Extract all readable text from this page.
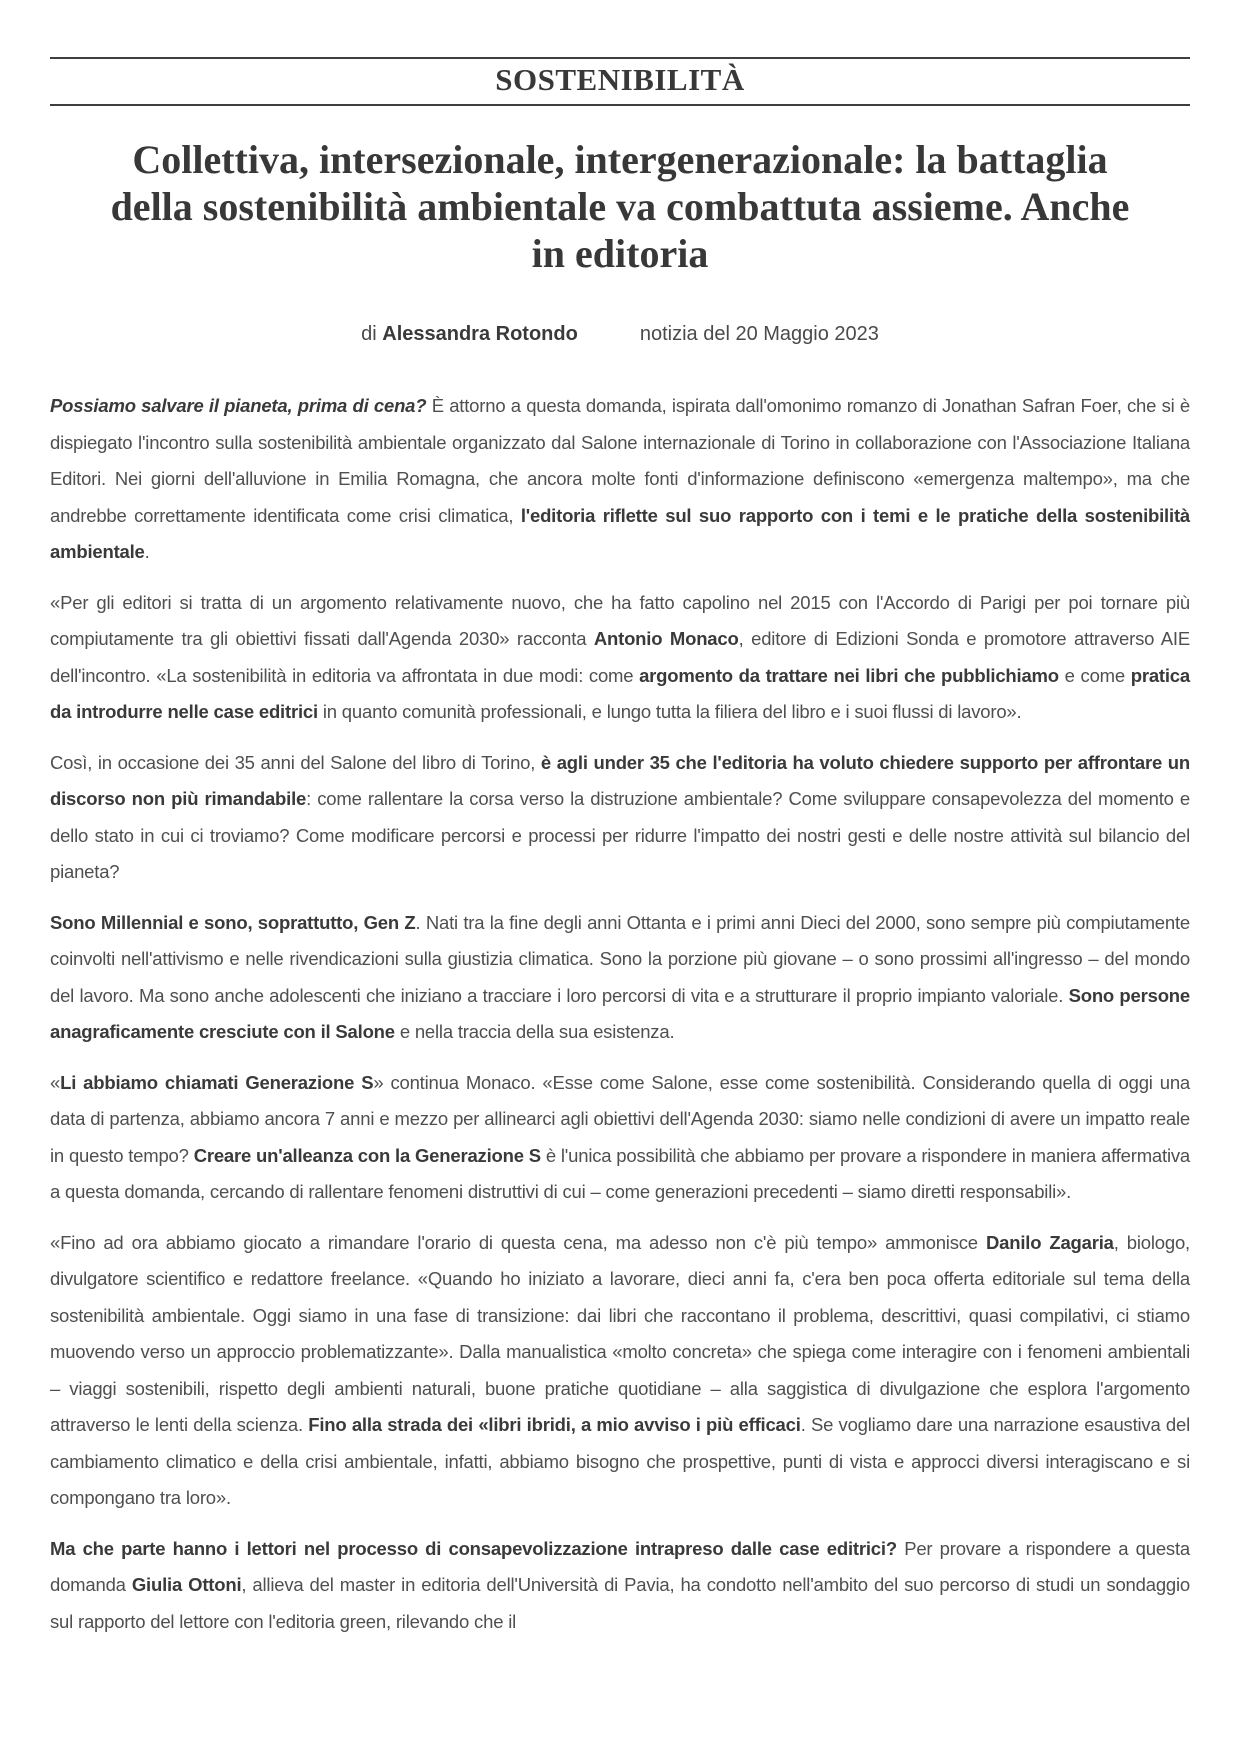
SOSTENIBILITÀ
Collettiva, intersezionale, intergenerazionale: la battaglia della sostenibilità ambientale va combattuta assieme. Anche in editoria
di Alessandra Rotondo	notizia del 20 Maggio 2023

Possiamo salvare il pianeta, prima di cena? È attorno a questa domanda, ispirata dall'omonimo romanzo di Jonathan Safran Foer, che si è dispiegato l'incontro sulla sostenibilità ambientale organizzato dal Salone internazionale di Torino in collaborazione con l'Associazione Italiana Editori. Nei giorni dell'alluvione in Emilia Romagna, che ancora molte fonti d'informazione definiscono «emergenza maltempo», ma che andrebbe correttamente identificata come crisi climatica, l'editoria riflette sul suo rapporto con i temi e le pratiche della sostenibilità ambientale.

«Per gli editori si tratta di un argomento relativamente nuovo, che ha fatto capolino nel 2015 con l'Accordo di Parigi per poi tornare più compiutamente tra gli obiettivi fissati dall'Agenda 2030» racconta Antonio Monaco, editore di Edizioni Sonda e promotore attraverso AIE dell'incontro. «La sostenibilità in editoria va affrontata in due modi: come argomento da trattare nei libri che pubblichiamo e come pratica da introdurre nelle case editrici in quanto comunità professionali, e lungo tutta la filiera del libro e i suoi flussi di lavoro».

Così, in occasione dei 35 anni del Salone del libro di Torino, è agli under 35 che l'editoria ha voluto chiedere supporto per affrontare un discorso non più rimandabile: come rallentare la corsa verso la distruzione ambientale? Come sviluppare consapevolezza del momento e dello stato in cui ci troviamo? Come modificare percorsi e processi per ridurre l'impatto dei nostri gesti e delle nostre attività sul bilancio del pianeta?

Sono Millennial e sono, soprattutto, Gen Z. Nati tra la fine degli anni Ottanta e i primi anni Dieci del 2000, sono sempre più compiutamente coinvolti nell'attivismo e nelle rivendicazioni sulla giustizia climatica. Sono la porzione più giovane – o sono prossimi all'ingresso – del mondo del lavoro. Ma sono anche adolescenti che iniziano a tracciare i loro percorsi di vita e a strutturare il proprio impianto valoriale. Sono persone anagraficamente cresciute con il Salone e nella traccia della sua esistenza.

«Li abbiamo chiamati Generazione S» continua Monaco. «Esse come Salone, esse come sostenibilità. Considerando quella di oggi una data di partenza, abbiamo ancora 7 anni e mezzo per allinearci agli obiettivi dell'Agenda 2030: siamo nelle condizioni di avere un impatto reale in questo tempo? Creare un'alleanza con la Generazione S è l'unica possibilità che abbiamo per provare a rispondere in maniera affermativa a questa domanda, cercando di rallentare fenomeni distruttivi di cui – come generazioni precedenti – siamo diretti responsabili».

«Fino ad ora abbiamo giocato a rimandare l'orario di questa cena, ma adesso non c'è più tempo» ammonisce Danilo Zagaria, biologo, divulgatore scientifico e redattore freelance. «Quando ho iniziato a lavorare, dieci anni fa, c'era ben poca offerta editoriale sul tema della sostenibilità ambientale. Oggi siamo in una fase di transizione: dai libri che raccontano il problema, descrittivi, quasi compilativi, ci stiamo muovendo verso un approccio problematizzante». Dalla manualistica «molto concreta» che spiega come interagire con i fenomeni ambientali – viaggi sostenibili, rispetto degli ambienti naturali, buone pratiche quotidiane – alla saggistica di divulgazione che esplora l'argomento attraverso le lenti della scienza. Fino alla strada dei «libri ibridi, a mio avviso i più efficaci. Se vogliamo dare una narrazione esaustiva del cambiamento climatico e della crisi ambientale, infatti, abbiamo bisogno che prospettive, punti di vista e approcci diversi interagiscano e si compongano tra loro».

Ma che parte hanno i lettori nel processo di consapevolizzazione intrapreso dalle case editrici? Per provare a rispondere a questa domanda Giulia Ottoni, allieva del master in editoria dell'Università di Pavia, ha condotto nell'ambito del suo percorso di studi un sondaggio sul rapporto del lettore con l'editoria green, rilevando che il
